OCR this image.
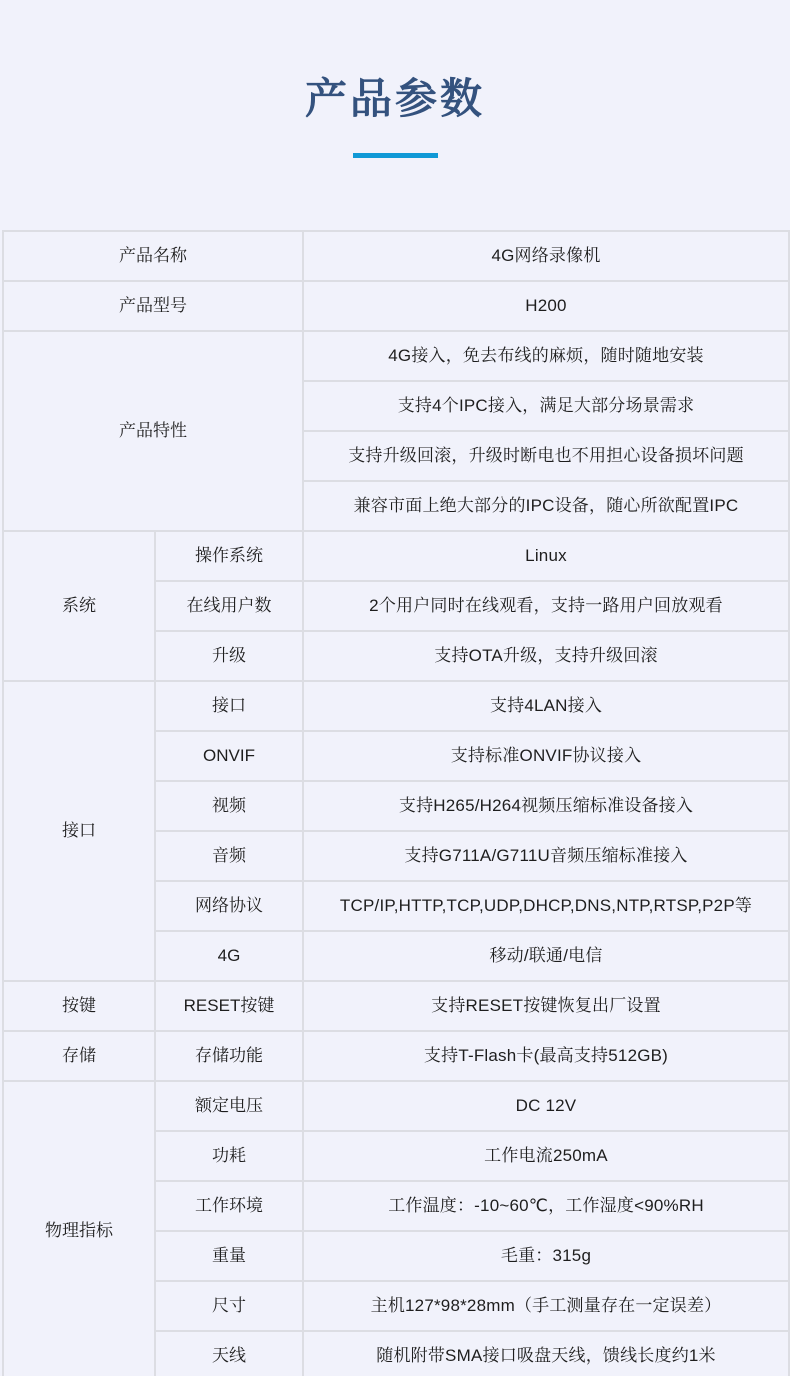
产品参数
产品名称		4G网络录像机
产品型号		H200
产品特性		4G接入，免去布线的麻烦，随时随地安装
		支持4个IPC接入，满足大部分场景需求
		支持升级回滚，升级时断电也不用担心设备损坏问题
		兼容市面上绝大部分的IPC设备，随心所欲配置IPC
系统	操作系统	Linux
	在线用户数	2个用户同时在线观看，支持一路用户回放观看
	升级	支持OTA升级，支持升级回滚
接口	接口	支持4LAN接入
	ONVIF	支持标准ONVIF协议接入
	视频	支持H265/H264视频压缩标准设备接入
	音频	支持G711A/G711U音频压缩标准接入
	网络协议	TCP/IP,HTTP,TCP,UDP,DHCP,DNS,NTP,RTSP,P2P等
	4G	移动/联通/电信
按键	RESET按键	支持RESET按键恢复出厂设置
存储	存储功能	支持T-Flash卡(最高支持512GB)
物理指标	额定电压	DC 12V
	功耗	工作电流250mA
	工作环境	工作温度：-10~60℃，工作湿度<90%RH
	重量	毛重：315g
	尺寸	主机127*98*28mm（手工测量存在一定误差）
	天线	随机附带SMA接口吸盘天线，馈线长度约1米
